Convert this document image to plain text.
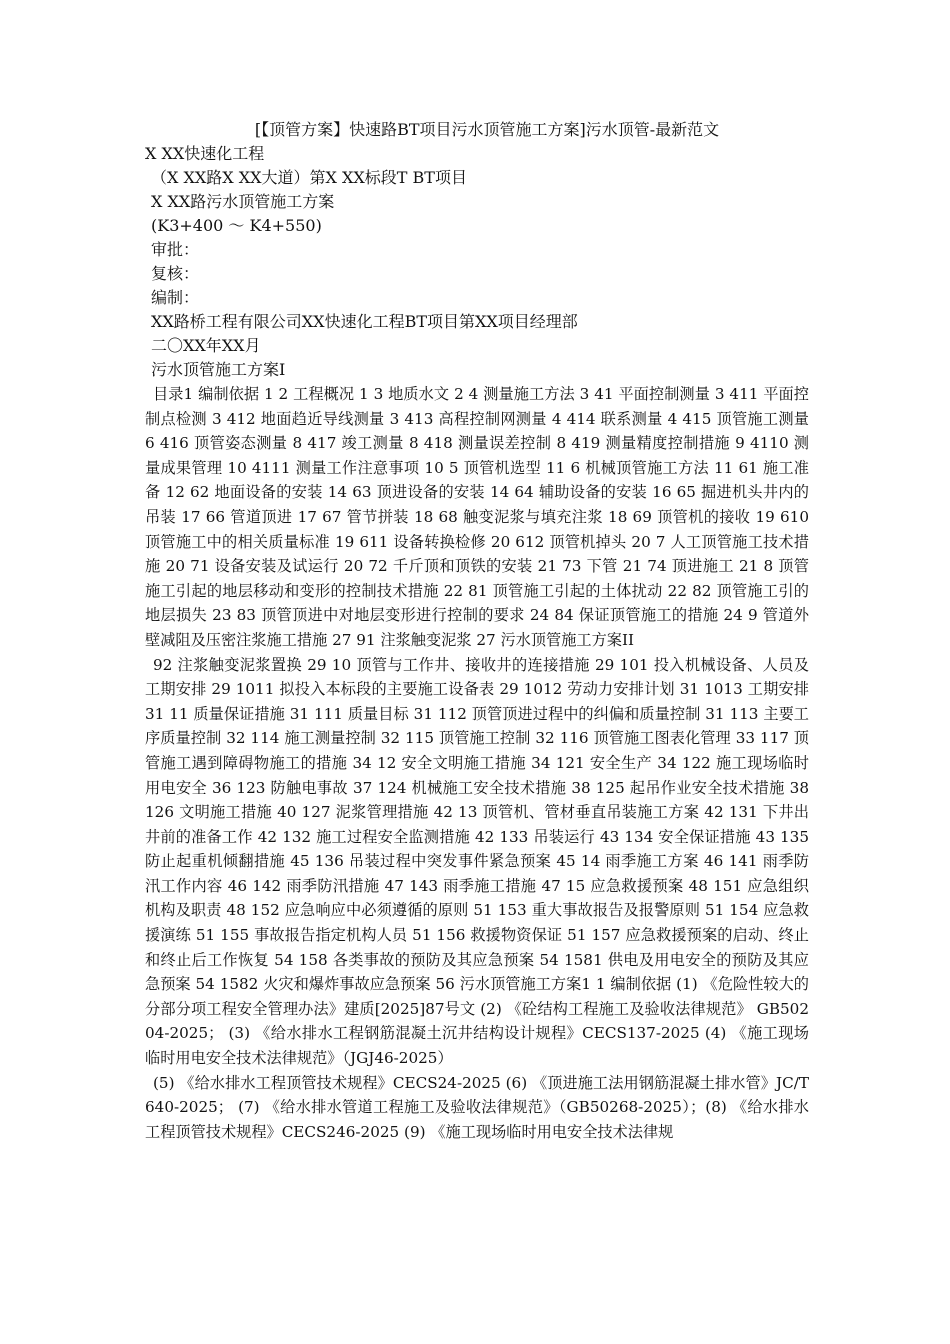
[【顶管方案】快速路BT项目污水顶管施工方案]污水顶管-最新范文
X XX快速化工程
（X XX路X XX大道）第X XX标段T BT项目
X XX路污水顶管施工方案
(K3+400 ～ K4+550)
审批：
复核：
编制：
XX路桥工程有限公司XX快速化工程BT项目第XX项目经理部
二〇XX年XX月
污水顶管施工方案I

目录1 编制依据 1 2 工程概况 1 3 地质水文 2 4 测量施工方法 3 41 平面控制测量 3 411 平面控制点检测 3 412 地面趋近导线测量 3 413 高程控制网测量 4 414 联系测量 4 415 顶管施工测量 6 416 顶管姿态测量 8 417 竣工测量 8 418 测量误差控制 8 419 测量精度控制措施 9 4110 测量成果管理 10 4111 测量工作注意事项 10 5 顶管机选型 11 6 机械顶管施工方法 11 61 施工准备 12 62 地面设备的安装 14 63 顶进设备的安装 14 64 辅助设备的安装 16 65 掘进机头井内的吊装 17 66 管道顶进 17 67 管节拼装 18 68 触变泥浆与填充注浆 18 69 顶管机的接收 19 610 顶管施工中的相关质量标准 19 611 设备转换检修 20 612 顶管机掉头 20 7 人工顶管施工技术措施 20 71 设备安装及试运行 20 72 千斤顶和顶铁的安装 21 73 下管 21 74 顶进施工 21 8 顶管施工引起的地层移动和变形的控制技术措施 22 81 顶管施工引起的土体扰动 22 82 顶管施工引的地层损失 23 83 顶管顶进中对地层变形进行控制的要求 24 84 保证顶管施工的措施 24 9 管道外壁减阻及压密注浆施工措施 27 91 注浆触变泥浆 27 污水顶管施工方案II

92 注浆触变泥浆置换 29 10 顶管与工作井、接收井的连接措施 29 101 投入机械设备、人员及工期安排 29 1011 拟投入本标段的主要施工设备表 29 1012 劳动力安排计划 31 1013 工期安排 31 11 质量保证措施 31 111 质量目标 31 112 顶管顶进过程中的纠偏和质量控制 31 113 主要工序质量控制 32 114 施工测量控制 32 115 顶管施工控制 32 116 顶管施工图表化管理 33 117 顶管施工遇到障碍物施工的措施 34 12 安全文明施工措施 34 121 安全生产 34 122 施工现场临时用电安全 36 123 防触电事故 37 124 机械施工安全技术措施 38 125 起吊作业安全技术措施 38 126 文明施工措施 40 127 泥浆管理措施 42 13 顶管机、管材垂直吊装施工方案 42 131 下井出井前的准备工作 42 132 施工过程安全监测措施 42 133 吊装运行 43 134 安全保证措施 43 135 防止起重机倾翻措施 45 136 吊装过程中突发事件紧急预案 45 14 雨季施工方案 46 141 雨季防汛工作内容 46 142 雨季防汛措施 47 143 雨季施工措施 47 15 应急救援预案 48 151 应急组织机构及职责 48 152 应急响应中必须遵循的原则 51 153 重大事故报告及报警原则 51 154 应急救援演练 51 155 事故报告指定机构人员 51 156 救援物资保证 51 157 应急救援预案的启动、终止和终止后工作恢复 54 158 各类事故的预防及其应急预案 54 1581 供电及用电安全的预防及其应急预案 54 1582 火灾和爆炸事故应急预案 56 污水顶管施工方案1 1 编制依据 (1) 《危险性较大的分部分项工程安全管理办法》建质[2025]87号文 (2) 《砼结构工程施工及验收法律规范》 GB50204-2025； (3) 《给水排水工程钢筋混凝土沉井结构设计规程》CECS137-2025 (4) 《施工现场临时用电安全技术法律规范》（JGJ46-2025）

(5) 《给水排水工程顶管技术规程》CECS24-2025 (6) 《顶进施工法用钢筋混凝土排水管》JC/T640-2025； (7) 《给水排水管道工程施工及验收法律规范》（GB50268-2025）；(8) 《给水排水工程顶管技术规程》CECS246-2025 (9) 《施工现场临时用电安全技术法律规
